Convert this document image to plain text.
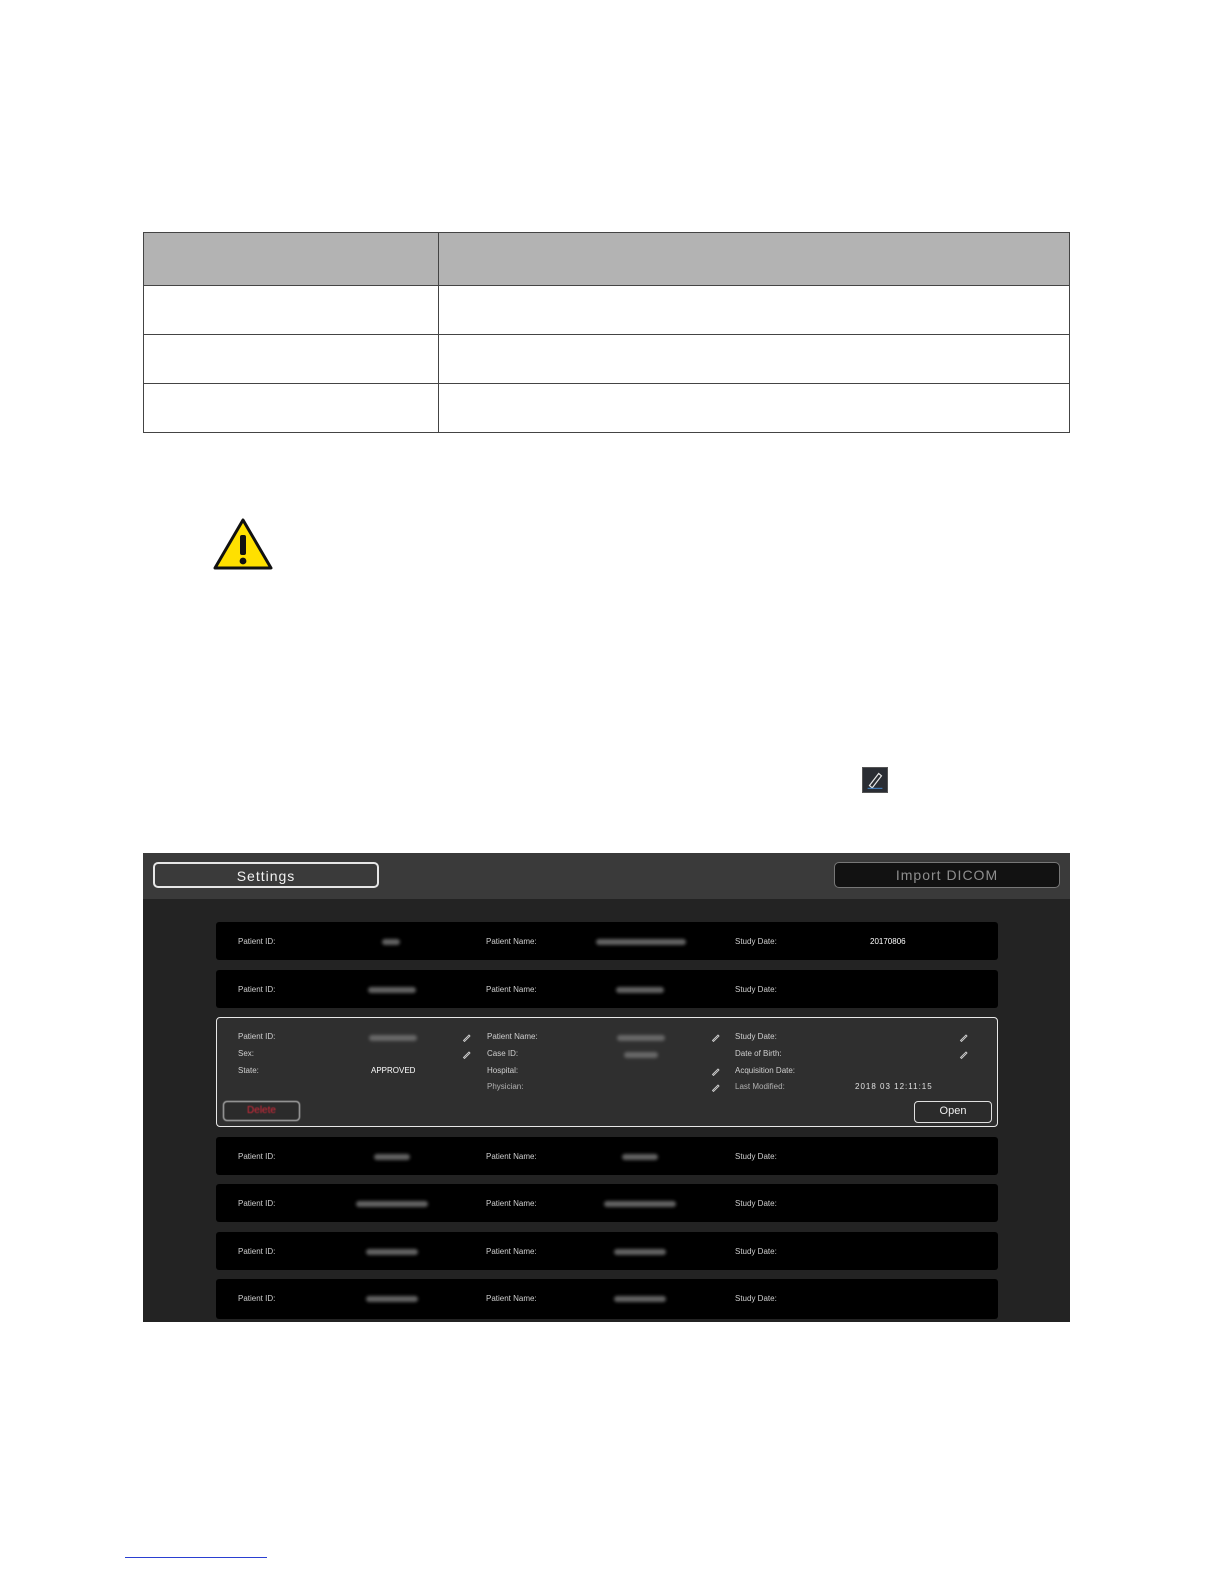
Settings	Import DICOM
Patient ID:	Patient Name:	Study Date:	20170806
Patient ID:	Patient Name:	Study Date:
Patient ID:	Patient Name:	Study Date:
Sex:	Case ID:	Date of Birth:
State:	APPROVED	Hospital:	Acquisition Date:
Physician:	Last Modified:	2018 03 12:11:15
Delete	Open
Patient ID:	Patient Name:	Study Date:
Patient ID:	Patient Name:	Study Date:
Patient ID:	Patient Name:	Study Date:
Patient ID:	Patient Name:	Study Date:
